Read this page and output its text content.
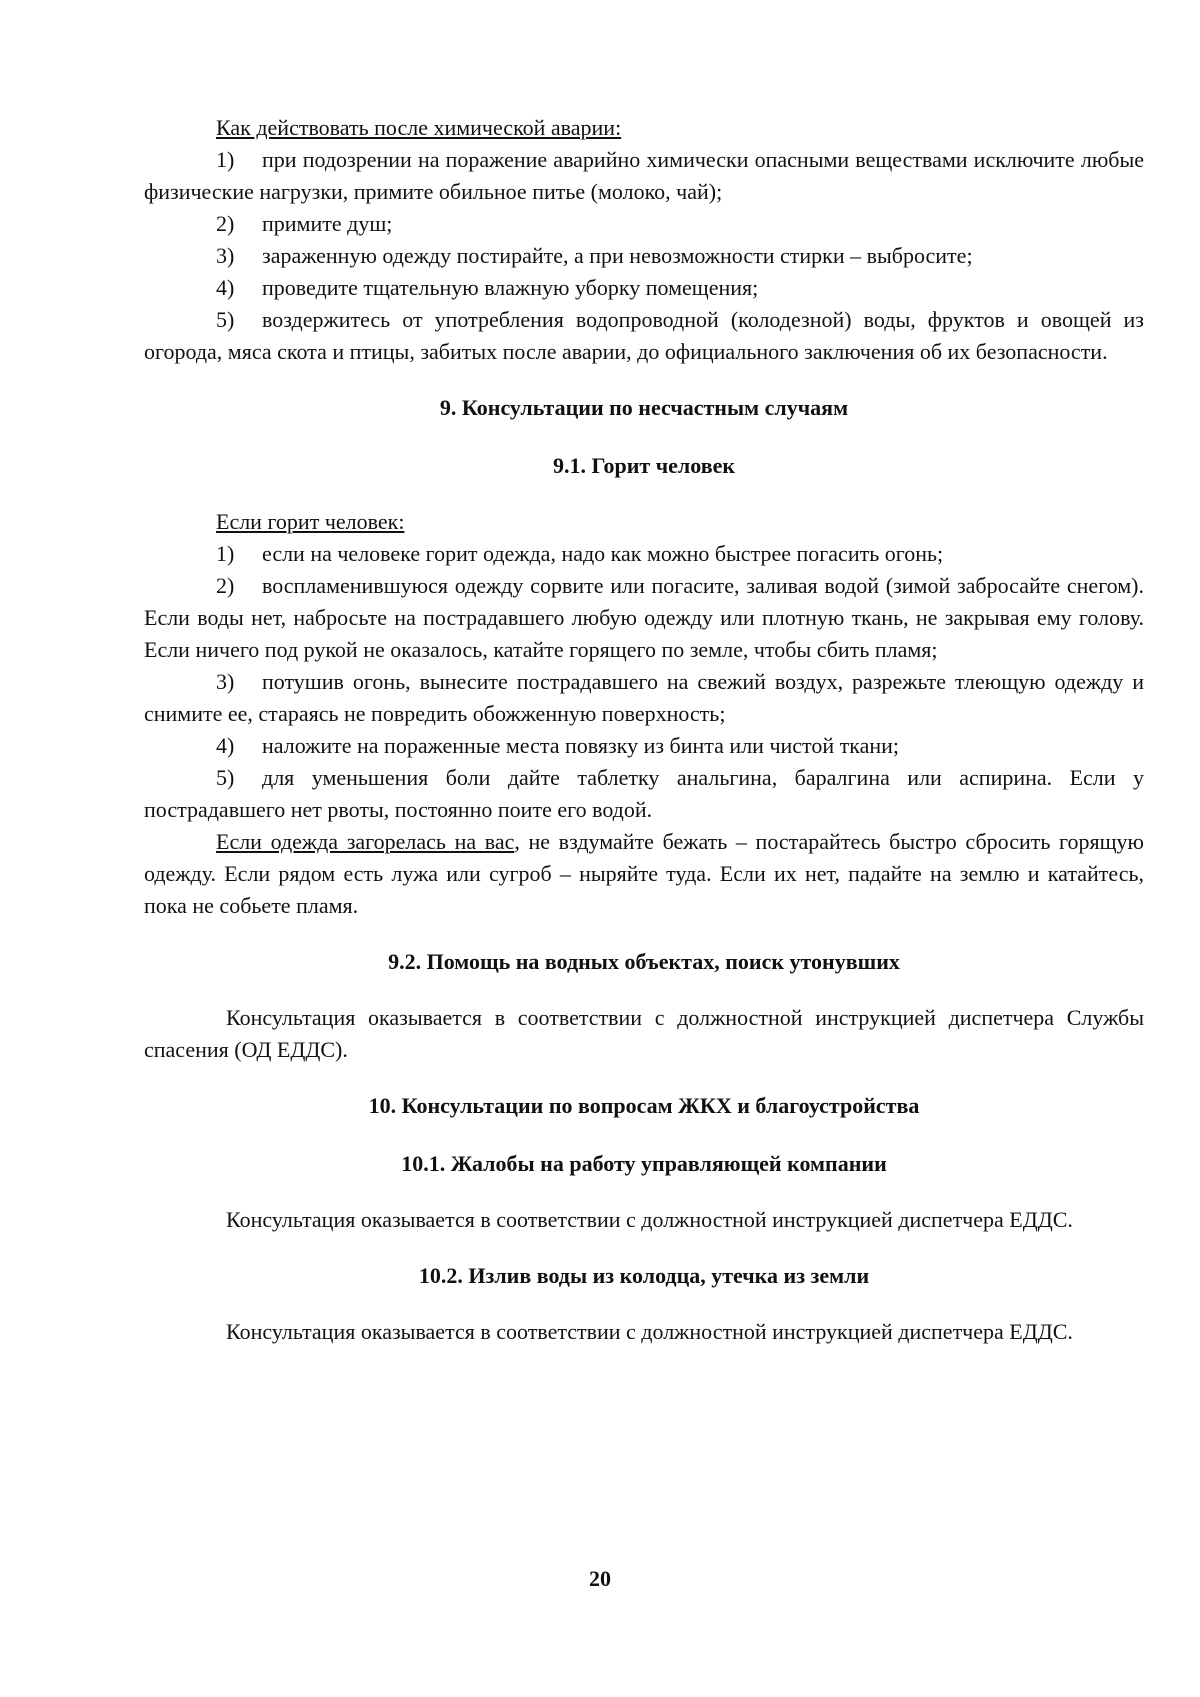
Как действовать после химической аварии:

1) при подозрении на поражение аварийно химически опасными веществами исключите любые физические нагрузки, примите обильное питье (молоко, чай);

2) примите душ;

3) зараженную одежду постирайте, а при невозможности стирки – выбросите;

4) проведите тщательную влажную уборку помещения;

5) воздержитесь от употребления водопроводной (колодезной) воды, фруктов и овощей из огорода, мяса скота и птицы, забитых после аварии, до официального заключения об их безопасности.

9. Консультации по несчастным случаям
9.1. Горит человек

Если горит человек:

1) если на человеке горит одежда, надо как можно быстрее погасить огонь;

2) воспламенившуюся одежду сорвите или погасите, заливая водой (зимой забросайте снегом). Если воды нет, набросьте на пострадавшего любую одежду или плотную ткань, не закрывая ему голову. Если ничего под рукой не оказалось, катайте горящего по земле, чтобы сбить пламя;

3) потушив огонь, вынесите пострадавшего на свежий воздух, разрежьте тлеющую одежду и снимите ее, стараясь не повредить обожженную поверхность;

4) наложите на пораженные места повязку из бинта или чистой ткани;

5) для уменьшения боли дайте таблетку анальгина, баралгина или аспирина. Если у пострадавшего нет рвоты, постоянно поите его водой.

Если одежда загорелась на вас, не вздумайте бежать – постарайтесь быстро сбросить горящую одежду. Если рядом есть лужа или сугроб – ныряйте туда. Если их нет, падайте на землю и катайтесь, пока не собьете пламя.

9.2. Помощь на водных объектах, поиск утонувших

Консультация оказывается в соответствии с должностной инструкцией диспетчера Службы спасения (ОД ЕДДС).

10. Консультации по вопросам ЖКХ и благоустройства
10.1. Жалобы на работу управляющей компании

Консультация оказывается в соответствии с должностной инструкцией диспетчера ЕДДС.

10.2. Излив воды из колодца, утечка из земли

Консультация оказывается в соответствии с должностной инструкцией диспетчера ЕДДС.

20
